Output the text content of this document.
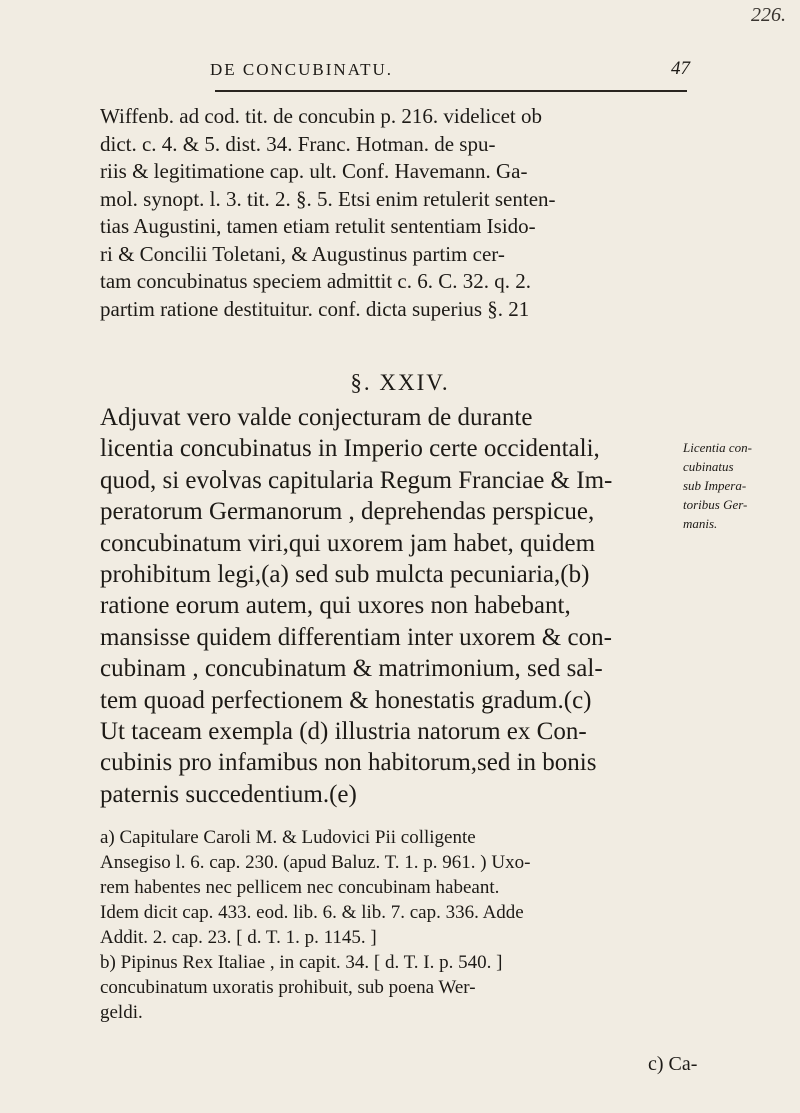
226.
DE CONCUBINATU.	47
Wiffenb. ad cod. tit. de concubin p. 216. videlicet ob
dict. c. 4. & 5. dist. 34. Franc. Hotman. de spu-
riis & legitimatione cap. ult. Conf. Havemann. Ga-
mol. synopt. l. 3. tit. 2. §. 5. Etsi enim retulerit senten-
tias Augustini, tamen etiam retulit sententiam Isido-
ri & Concilii Toletani, & Augustinus partim cer-
tam concubinatus speciem admittit c. 6. C. 32. q. 2.
partim ratione destituitur. conf. dicta superius §. 21
§. XXIV.
Adjuvat vero valde conjecturam de durante
licentia concubinatus in Imperio certe occidentali,
quod, si evolvas capitularia Regum Franciae & Im-
peratorum Germanorum , deprehendas perspicue,
concubinatum viri,qui uxorem jam habet, quidem
prohibitum legi,(a) sed sub mulcta pecuniaria,(b)
ratione eorum autem, qui uxores non habebant,
mansisse quidem differentiam inter uxorem & con-
cubinam , concubinatum & matrimonium, sed sal-
tem quoad perfectionem & honestatis gradum.(c)
Ut taceam exempla (d) illustria natorum ex Con-
cubinis pro infamibus non habitorum,sed in bonis
paternis succedentium.(e)
Licentia con-
cubinatus
sub Impera-
toribus Ger-
manis.
a) Capitulare Caroli M. & Ludovici Pii colligente
Ansegiso l. 6. cap. 230. (apud Baluz. T. 1. p. 961. ) Uxo-
rem habentes nec pellicem nec concubinam habeant.
Idem dicit cap. 433. eod. lib. 6. & lib. 7. cap. 336. Adde
Addit. 2. cap. 23. [ d. T. 1. p. 1145. ]
b) Pipinus Rex Italiae , in capit. 34. [ d. T. I. p. 540. ]
concubinatum uxoratis prohibuit, sub poena Wer-
geldi.
c) Ca-
